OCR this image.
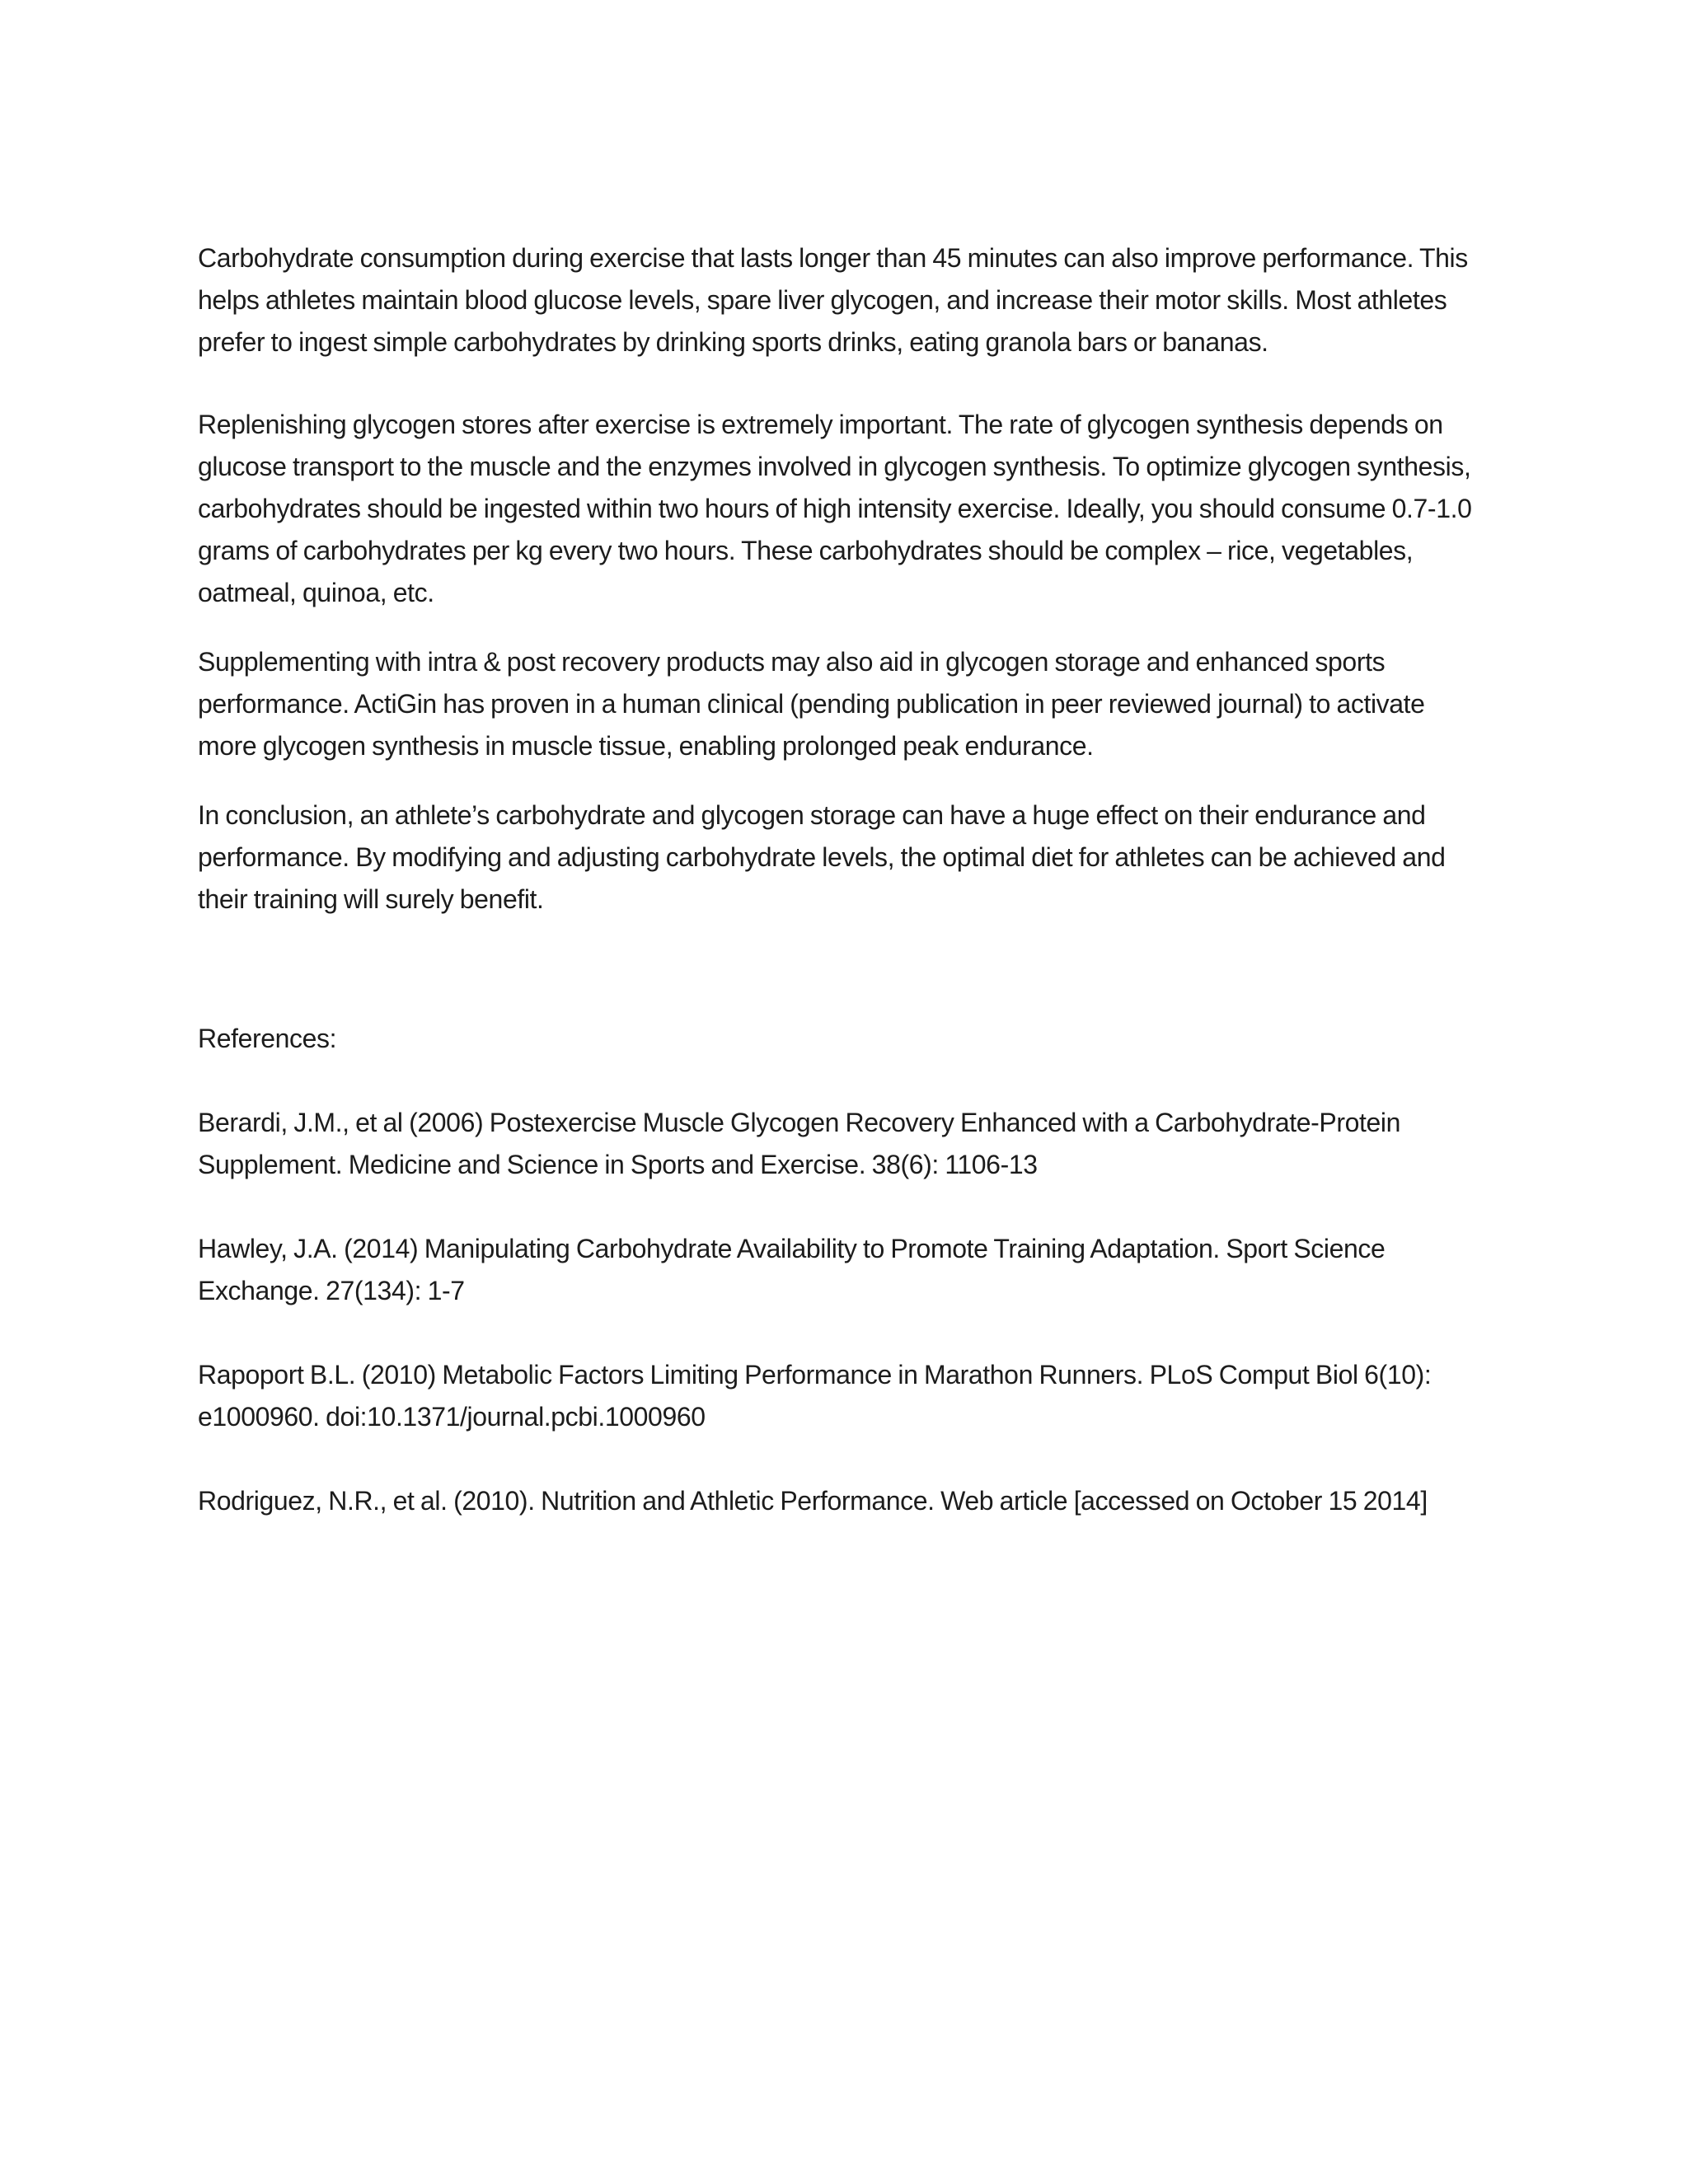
Carbohydrate consumption during exercise that lasts longer than 45 minutes can also improve performance. This helps athletes maintain blood glucose levels, spare liver glycogen, and increase their motor skills. Most athletes prefer to ingest simple carbohydrates by drinking sports drinks, eating granola bars or bananas.

Replenishing glycogen stores after exercise is extremely important. The rate of glycogen synthesis depends on glucose transport to the muscle and the enzymes involved in glycogen synthesis. To optimize glycogen synthesis, carbohydrates should be ingested within two hours of high intensity exercise. Ideally, you should consume 0.7-1.0 grams of carbohydrates per kg every two hours. These carbohydrates should be complex – rice, vegetables, oatmeal, quinoa, etc.

Supplementing with intra & post recovery products may also aid in glycogen storage and enhanced sports performance. ActiGin has proven in a human clinical (pending publication in peer reviewed journal) to activate more glycogen synthesis in muscle tissue, enabling prolonged peak endurance.

In conclusion, an athlete’s carbohydrate and glycogen storage can have a huge effect on their endurance and performance. By modifying and adjusting carbohydrate levels, the optimal diet for athletes can be achieved and their training will surely benefit.

References:

Berardi, J.M., et al (2006) Postexercise Muscle Glycogen Recovery Enhanced with a Carbohydrate-Protein Supplement. Medicine and Science in Sports and Exercise. 38(6): 1106-13

Hawley, J.A. (2014) Manipulating Carbohydrate Availability to Promote Training Adaptation. Sport Science Exchange. 27(134): 1-7

Rapoport B.L. (2010) Metabolic Factors Limiting Performance in Marathon Runners. PLoS Comput Biol 6(10): e1000960. doi:10.1371/journal.pcbi.1000960

Rodriguez, N.R., et al. (2010). Nutrition and Athletic Performance. Web article [accessed on October 15 2014]
